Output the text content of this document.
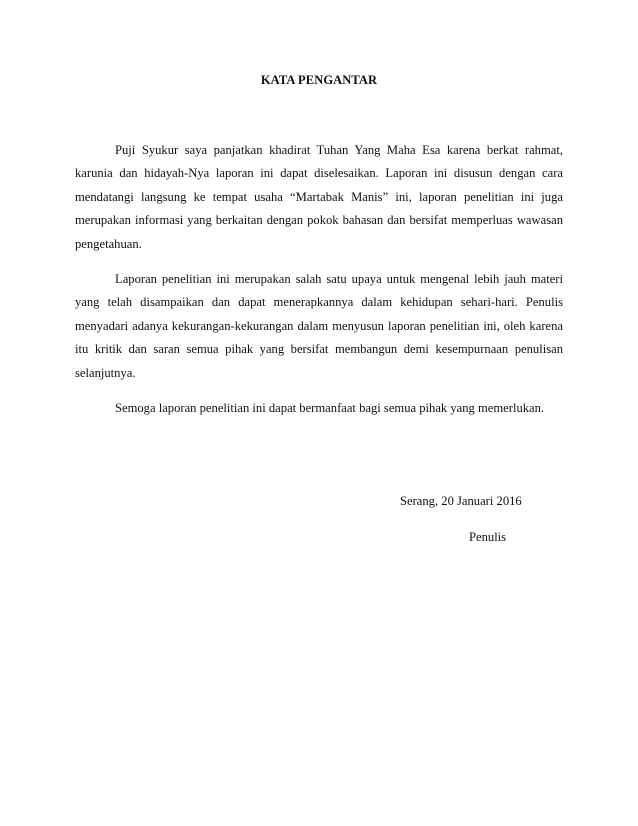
KATA PENGANTAR

Puji Syukur saya panjatkan khadirat Tuhan Yang Maha Esa karena berkat rahmat, karunia dan hidayah-Nya laporan ini dapat diselesaikan. Laporan ini disusun dengan cara mendatangi langsung ke tempat usaha “Martabak Manis” ini, laporan penelitian ini juga merupakan informasi yang berkaitan dengan pokok bahasan dan bersifat memperluas wawasan pengetahuan.

Laporan penelitian ini merupakan salah satu upaya untuk mengenal lebih jauh materi yang telah disampaikan dan dapat menerapkannya dalam kehidupan sehari-hari. Penulis menyadari adanya kekurangan-kekurangan dalam menyusun laporan penelitian ini, oleh karena itu kritik dan saran semua pihak yang bersifat membangun demi kesempurnaan penulisan selanjutnya.

Semoga laporan penelitian ini dapat bermanfaat bagi semua pihak yang memerlukan.

Serang, 20 Januari 2016
Penulis
